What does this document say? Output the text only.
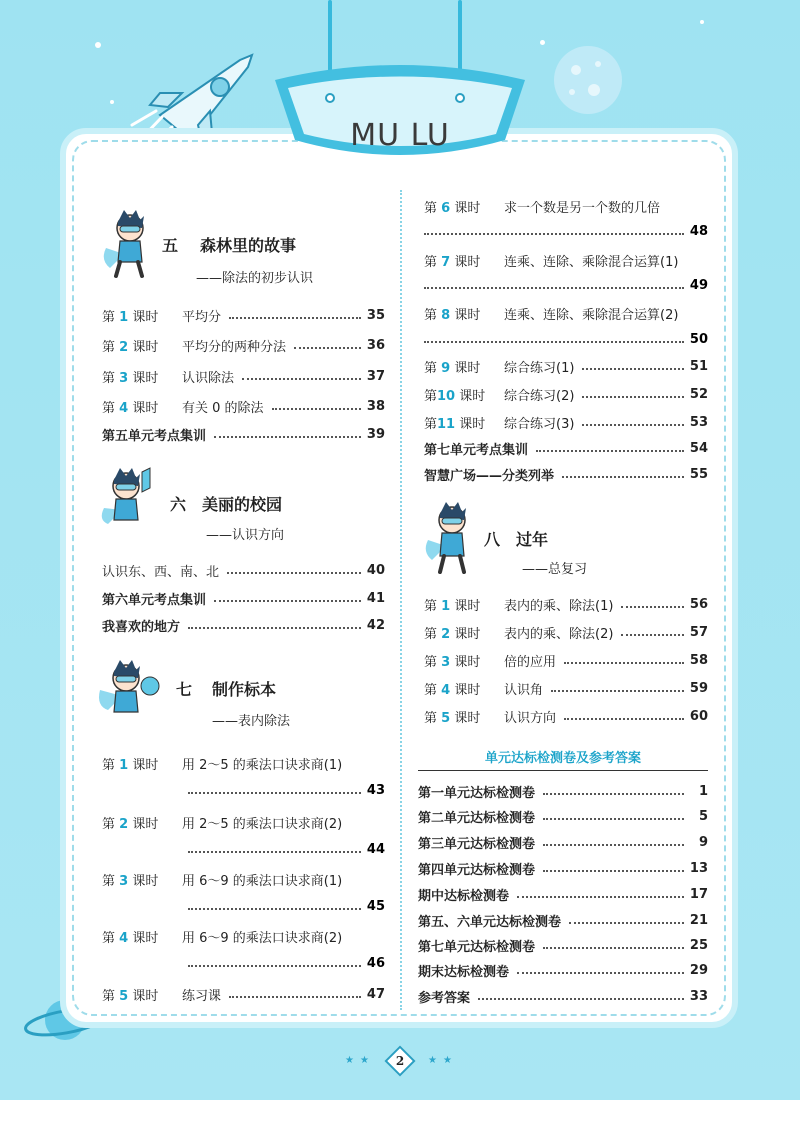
MU LU
五 森林里的故事
——除法的初步认识
第 1 课时	平均分	35
第 2 课时	平均分的两种分法	36
第 3 课时	认识除法	37
第 4 课时	有关 0 的除法	38
第五单元考点集训	39
六 美丽的校园
——认识方向
认识东、西、南、北	40
第六单元考点集训	41
我喜欢的地方	42
七 制作标本
——表内除法
第 1 课时	用 2～5 的乘法口诀求商(1)
43
第 2 课时	用 2～5 的乘法口诀求商(2)
44
第 3 课时	用 6～9 的乘法口诀求商(1)
45
第 4 课时	用 6～9 的乘法口诀求商(2)
46
第 5 课时	练习课	47
第 6 课时	求一个数是另一个数的几倍
48
第 7 课时	连乘、连除、乘除混合运算(1)
49
第 8 课时	连乘、连除、乘除混合运算(2)
50
第 9 课时	综合练习(1)	51
第10 课时	综合练习(2)	52
第11 课时	综合练习(3)	53
第七单元考点集训	54
智慧广场——分类列举	55
八 过年
——总复习
第 1 课时	表内的乘、除法(1)	56
第 2 课时	表内的乘、除法(2)	57
第 3 课时	倍的应用	58
第 4 课时	认识角	59
第 5 课时	认识方向	60
单元达标检测卷及参考答案
第一单元达标检测卷	1
第二单元达标检测卷	5
第三单元达标检测卷	9
第四单元达标检测卷	13
期中达标检测卷	17
第五、六单元达标检测卷	21
第七单元达标检测卷	25
期末达标检测卷	29
参考答案	33
★ ★	★ ★
2
